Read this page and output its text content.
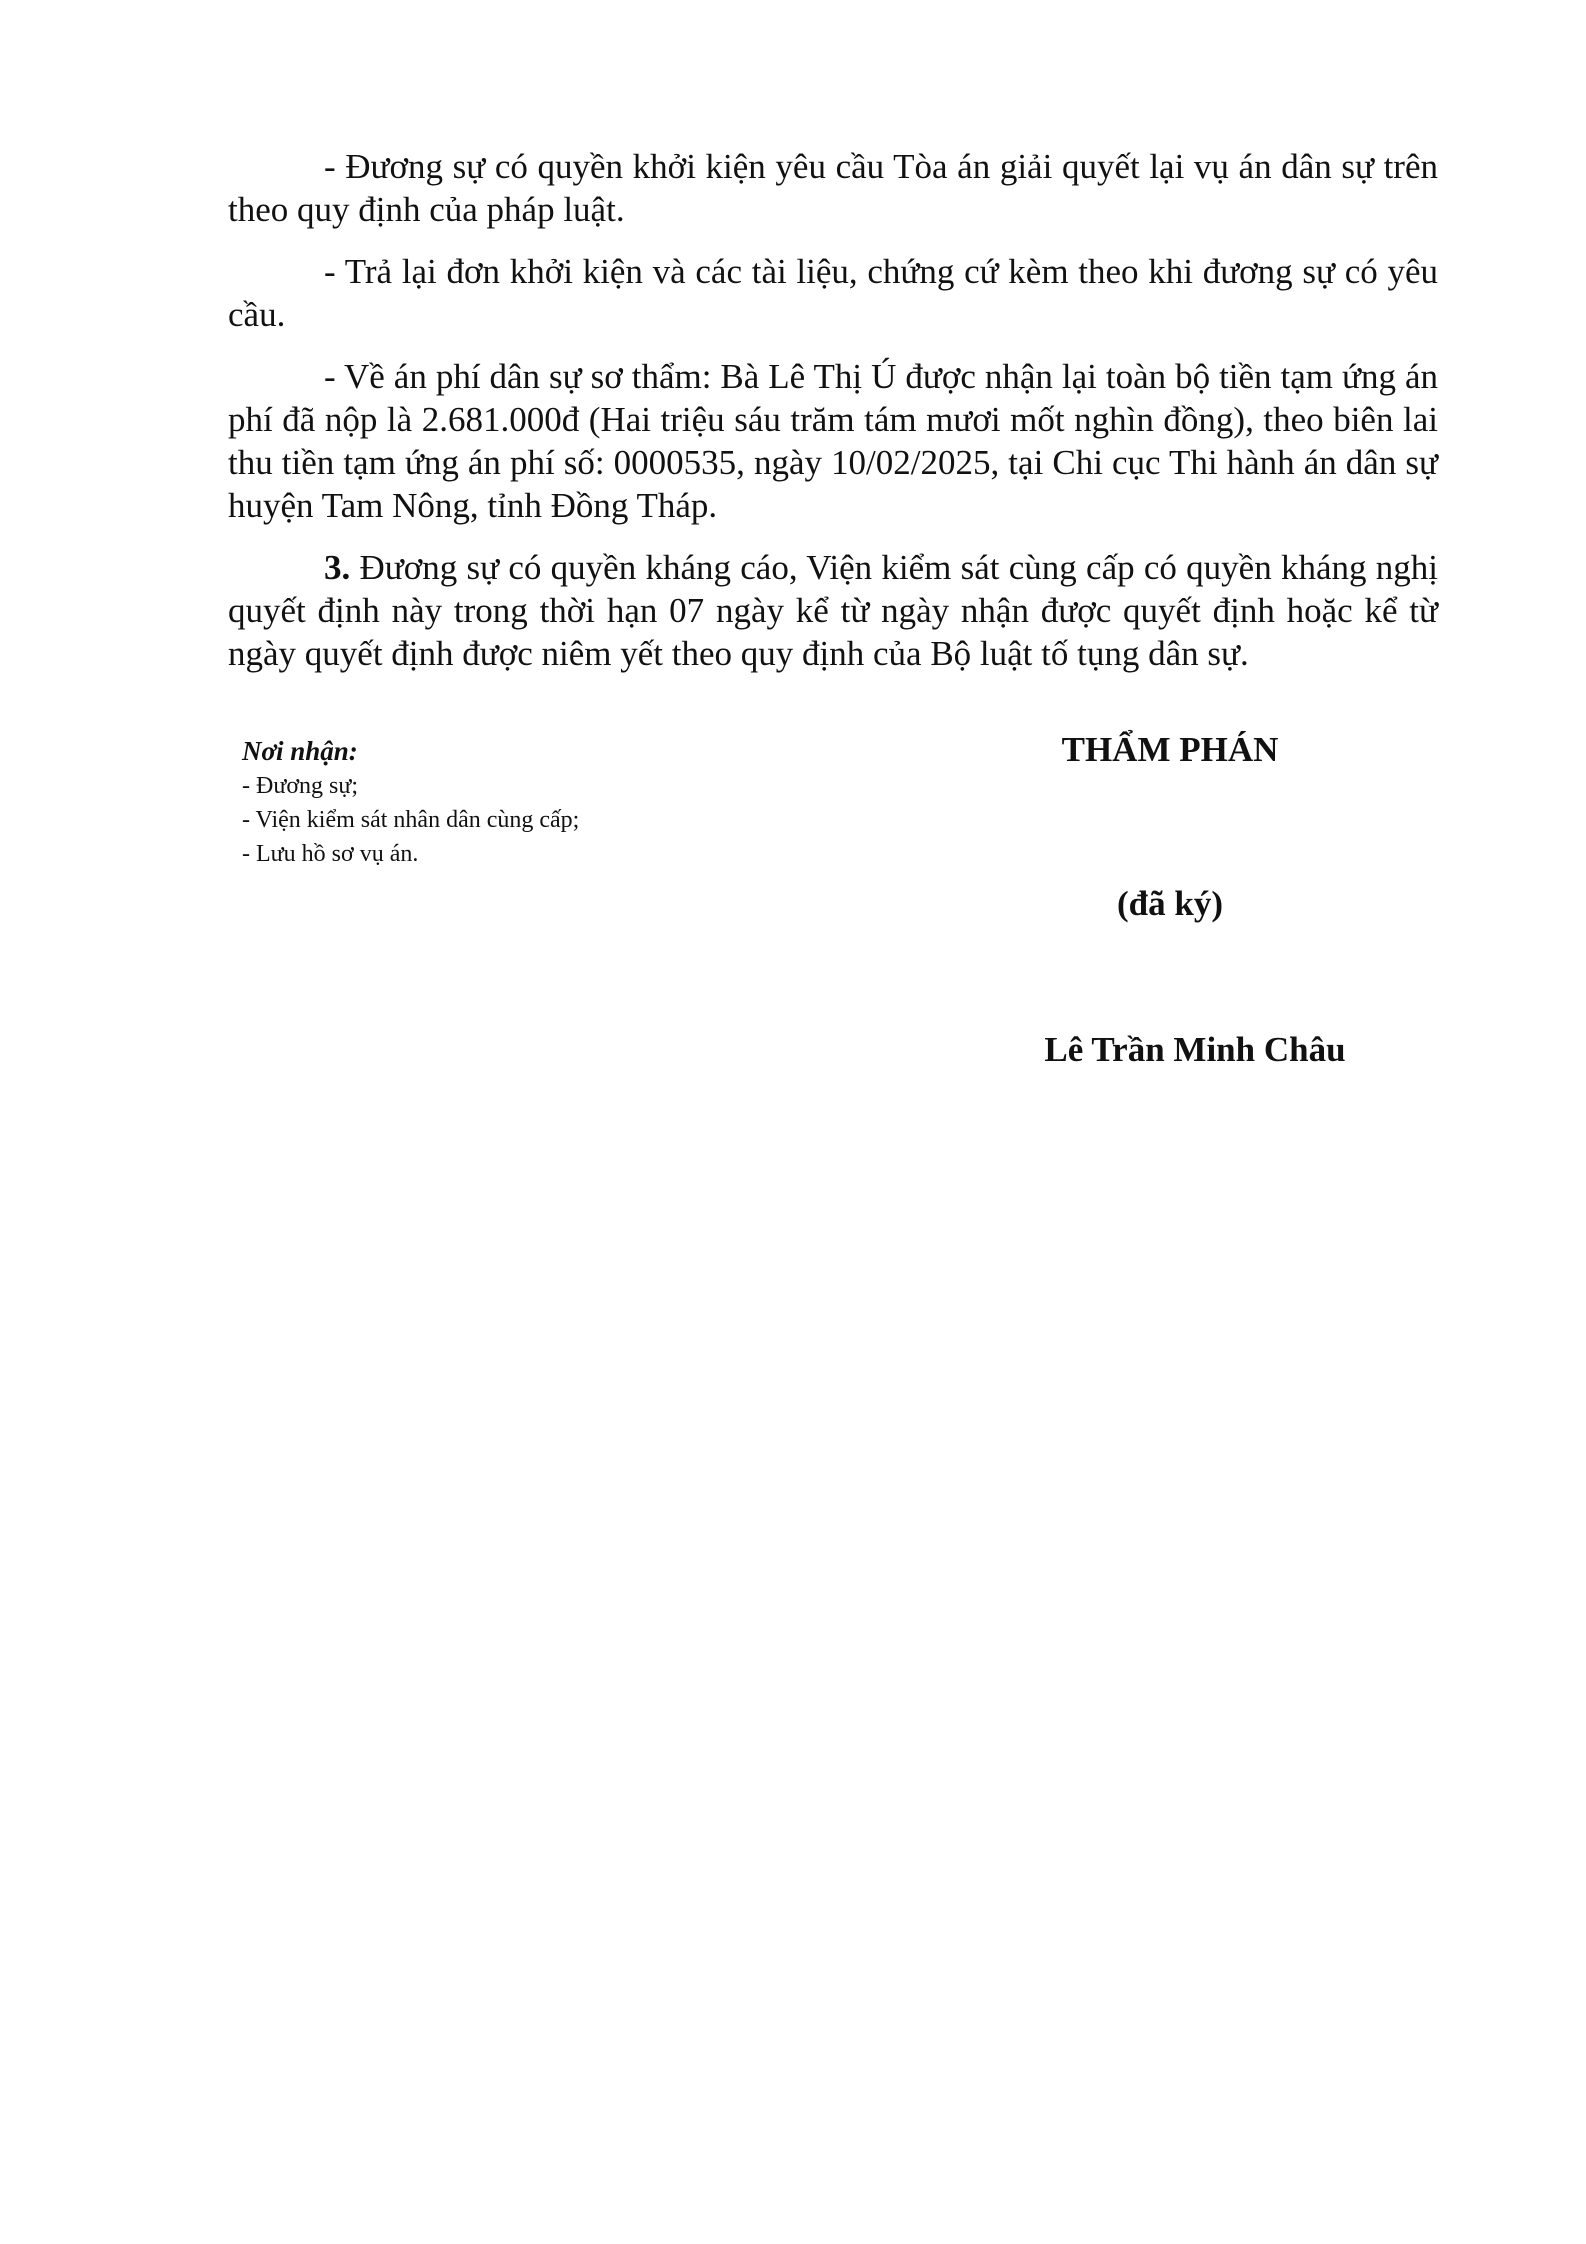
- Đương sự có quyền khởi kiện yêu cầu Tòa án giải quyết lại vụ án dân sự trên theo quy định của pháp luật.

- Trả lại đơn khởi kiện và các tài liệu, chứng cứ kèm theo khi đương sự có yêu cầu.

- Về án phí dân sự sơ thẩm: Bà Lê Thị Ú được nhận lại toàn bộ tiền tạm ứng án phí đã nộp là 2.681.000đ (Hai triệu sáu trăm tám mươi mốt nghìn đồng), theo biên lai thu tiền tạm ứng án phí số: 0000535, ngày 10/02/2025, tại Chi cục Thi hành án dân sự huyện Tam Nông, tỉnh Đồng Tháp.

3. Đương sự có quyền kháng cáo, Viện kiểm sát cùng cấp có quyền kháng nghị quyết định này trong thời hạn 07 ngày kể từ ngày nhận được quyết định hoặc kể từ ngày quyết định được niêm yết theo quy định của Bộ luật tố tụng dân sự.

Nơi nhận:
- Đương sự;
- Viện kiểm sát nhân dân cùng cấp;
- Lưu hồ sơ vụ án.
THẨM PHÁN
(đã ký)
Lê Trần Minh Châu
